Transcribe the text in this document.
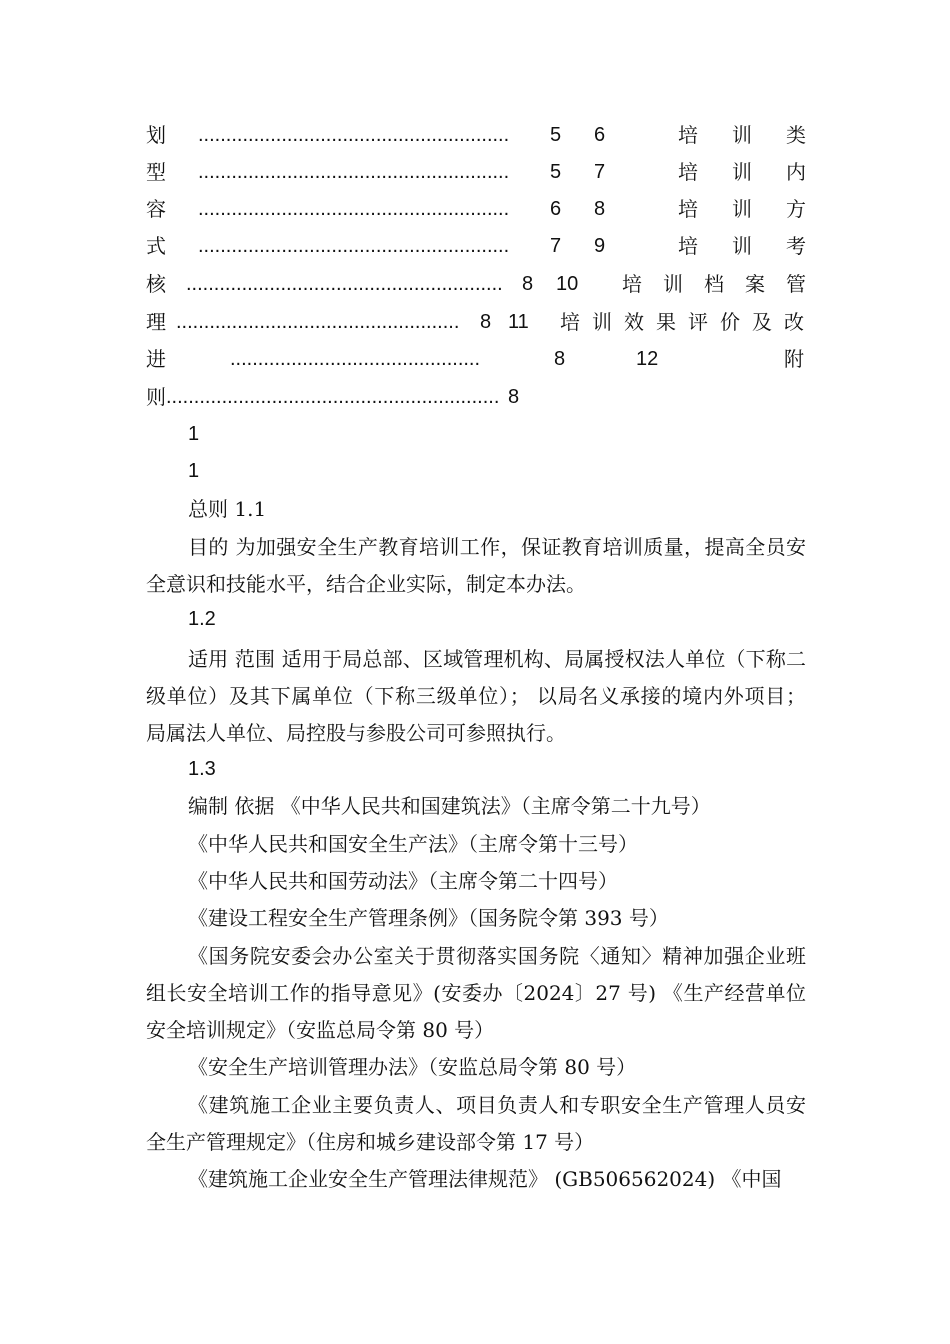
划	........................................................	5	6	培 训 类
型	........................................................	5	7	培 训 内
容	........................................................	6	8	培 训 方
式	........................................................	7	9	培 训 考
核	......................................................... 8	10 培 训 档 案 管
理 ...................................................	8 11 培 训 效 果 评 价 及 改
进	.............................................	8	12	附
则 ............................................................ 8
1
1
总则 1.1
目的 为加强安全生产教育培训工作，保证教育培训质量，提高全员安全意识和技能水平，结合企业实际，制定本办法。
1.2
适用 范围 适用于局总部、区域管理机构、局属授权法人单位（下称二级单位）及其下属单位（下称三级单位）； 以局名义承接的境内外项目； 局属法人单位、局控股与参股公司可参照执行。
1.3
编制 依据 《中华人民共和国建筑法》（主席令第二十九号）
《中华人民共和国安全生产法》（主席令第十三号）
《中华人民共和国劳动法》（主席令第二十四号）
《建设工程安全生产管理条例》（国务院令第 393 号）
《国务院安委会办公室关于贯彻落实国务院〈通知〉精神加强企业班组长安全培训工作的指导意见》(安委办〔2024〕27 号) 《生产经营单位安全培训规定》（安监总局令第 80 号）
《安全生产培训管理办法》（安监总局令第 80 号）
《建筑施工企业主要负责人、项目负责人和专职安全生产管理人员安全生产管理规定》（住房和城乡建设部令第 17 号）
《建筑施工企业安全生产管理法律规范》 (GB506562024) 《中国
